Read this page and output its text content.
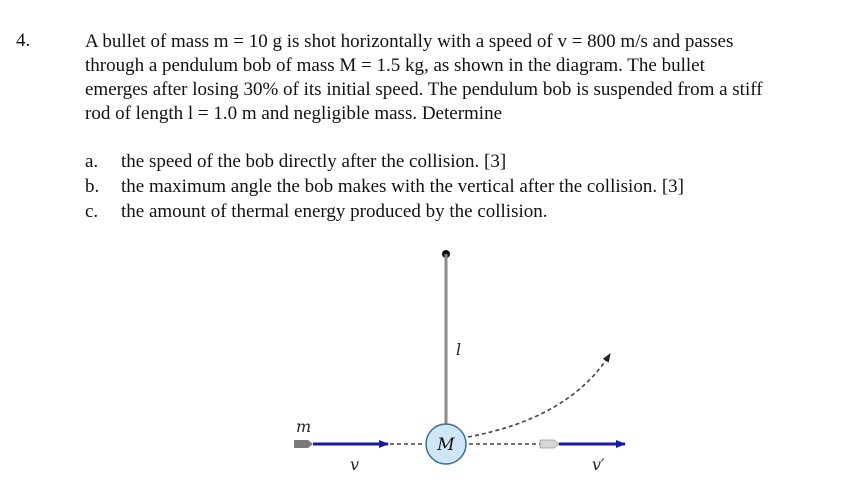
4.	A bullet of mass m = 10 g is shot horizontally with a speed of v = 800 m/s and passes
through a pendulum bob of mass M = 1.5 kg, as shown in the diagram. The bullet
emerges after losing 30% of its initial speed. The pendulum bob is suspended from a stiff
rod of length l = 1.0 m and negligible mass. Determine
a.	the speed of the bob directly after the collision. [3]
b.	the maximum angle the bob makes with the vertical after the collision. [3]
c.	the amount of thermal energy produced by the collision.
l
M
m
v	v′
